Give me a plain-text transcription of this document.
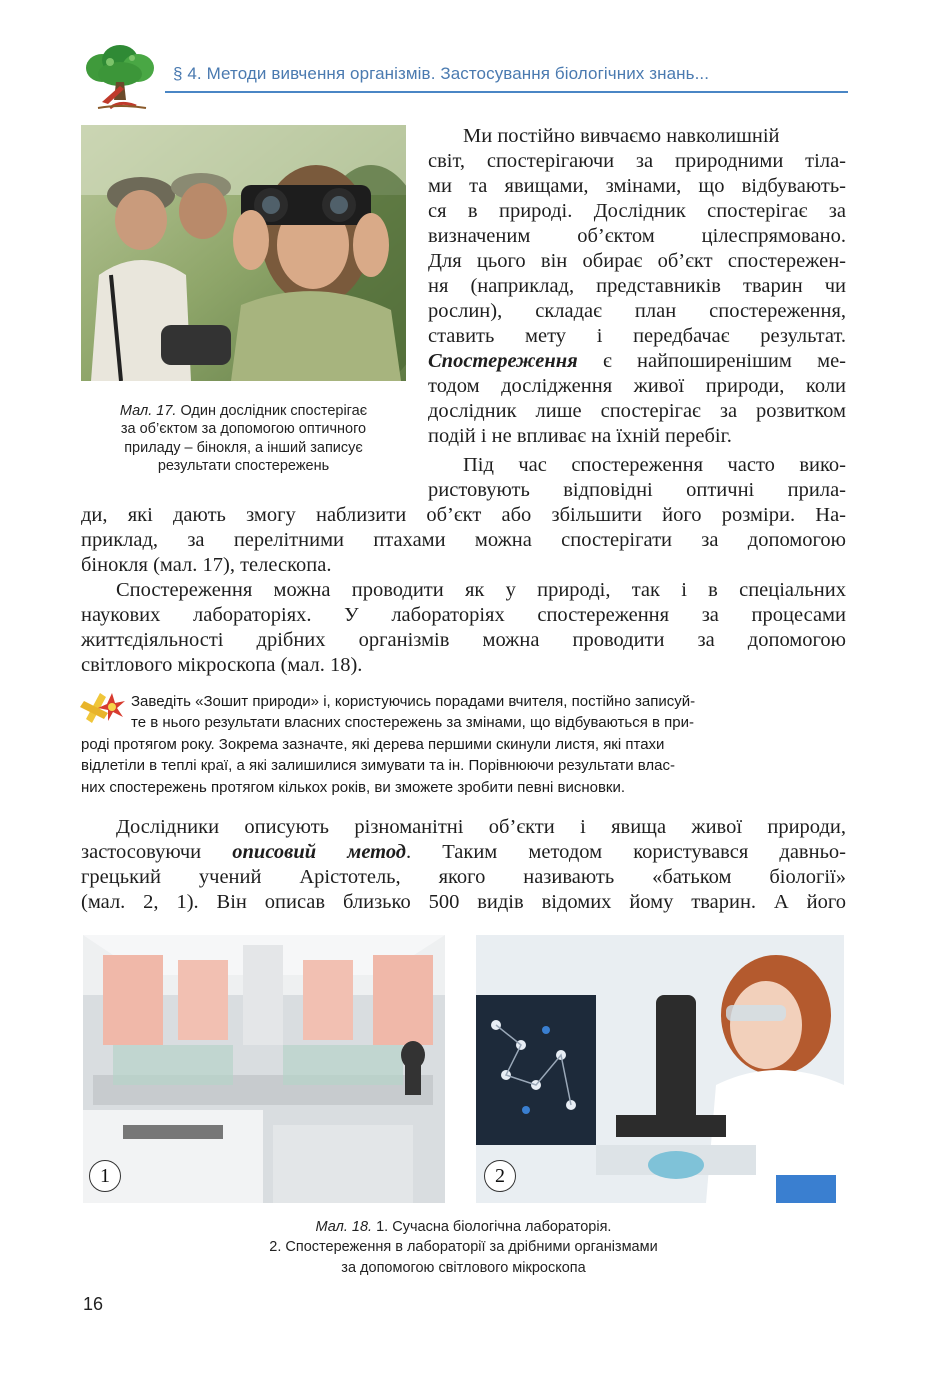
§ 4. Методи вивчення організмів. Застосування біологічних знань...
Мал. 17. Один дослідник спостерігає
за об’єктом за допомогою оптичного
приладу – бінокля, а інший записує
результати спостережень
Ми постійно вивчаємо навколишній
світ, спостерігаючи за природними тіла-
ми та явищами, змінами, що відбувають-
ся в природі. Дослідник спостерігає за
визначеним об’єктом цілеспрямовано.
Для цього він обирає об’єкт спостережен-
ня (наприклад, представників тварин чи
рослин), складає план спостереження,
ставить мету і передбачає результат.
Спостереження є найпоширенішим ме-
тодом дослідження живої природи, коли
дослідник лише спостерігає за розвитком
подій і не впливає на їхній перебіг.
Під час спостереження часто вико-
ристовують відповідні оптичні прила-
ди, які дають змогу наблизити об’єкт або збільшити його розміри. На-
приклад, за перелітними птахами можна спостерігати за допомогою
бінокля (мал. 17), телескопа.
Спостереження можна проводити як у природі, так і в спеціальних
наукових лабораторіях. У лабораторіях спостереження за процесами
життєдіяльності дрібних організмів можна проводити за допомогою
світлового мікроскопа (мал. 18).
Заведіть «Зошит природи» і, користуючись порадами вчителя, постійно записуй-
те в нього результати власних спостережень за змінами, що відбуваються в при-
роді протягом року. Зокрема зазначте, які дерева першими скинули листя, які птахи
відлетіли в теплі краї, а які залишилися зимувати та ін. Порівнюючи результати влас-
них спостережень протягом кількох років, ви зможете зробити певні висновки.
Дослідники описують різноманітні об’єкти і явища живої природи,
застосовуючи описовий метод. Таким методом користувався давньо-
грецький учений Арістотель, якого називають «батьком біології»
(мал. 2, 1). Він описав близько 500 видів відомих йому тварин. А його
1	2
Мал. 18. 1. Сучасна біологічна лабораторія.
2. Спостереження в лабораторії за дрібними організмами
за допомогою світлового мікроскопа
16
